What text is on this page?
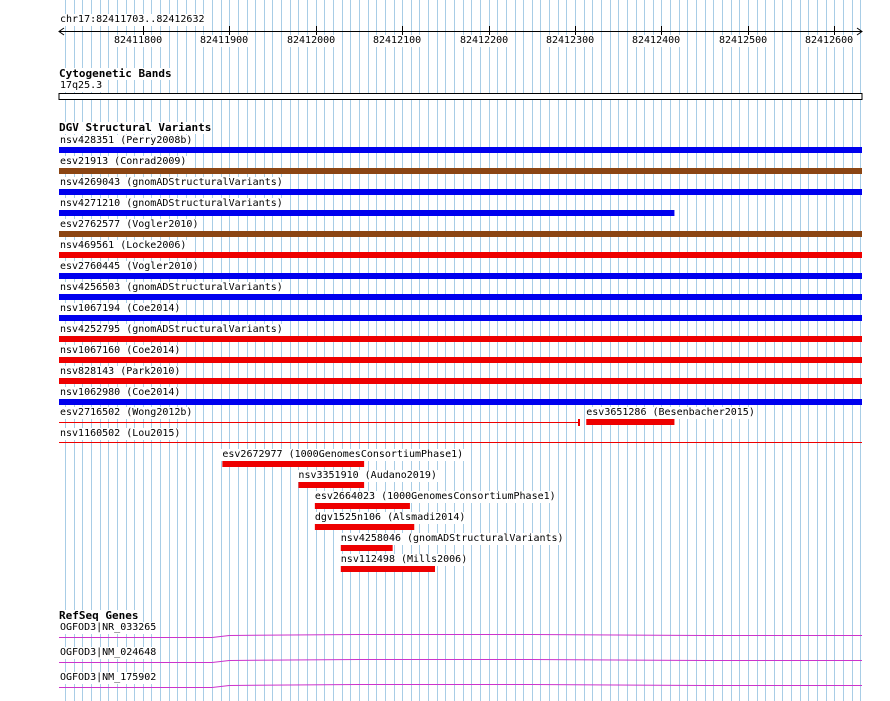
chr17:82411703..82412632
82411800	82411900	82412000	82412100	82412200	82412300	82412400	82412500	82412600
Cytogenetic Bands
17q25.3
DGV Structural Variants
nsv428351 (Perry2008b)
esv21913 (Conrad2009)
nsv4269043 (gnomADStructuralVariants)
nsv4271210 (gnomADStructuralVariants)
esv2762577 (Vogler2010)
nsv469561 (Locke2006)
esv2760445 (Vogler2010)
nsv4256503 (gnomADStructuralVariants)
nsv1067194 (Coe2014)
nsv4252795 (gnomADStructuralVariants)
nsv1067160 (Coe2014)
nsv828143 (Park2010)
nsv1062980 (Coe2014)
esv2716502 (Wong2012b)	esv3651286 (Besenbacher2015)
nsv1160502 (Lou2015)
esv2672977 (1000GenomesConsortiumPhase1)
nsv3351910 (Audano2019)
esv2664023 (1000GenomesConsortiumPhase1)
dgv1525n106 (Alsmadi2014)
nsv4258046 (gnomADStructuralVariants)
nsv112498 (Mills2006)
RefSeq Genes
OGFOD3|NR_033265
OGFOD3|NM_024648
OGFOD3|NM_175902
